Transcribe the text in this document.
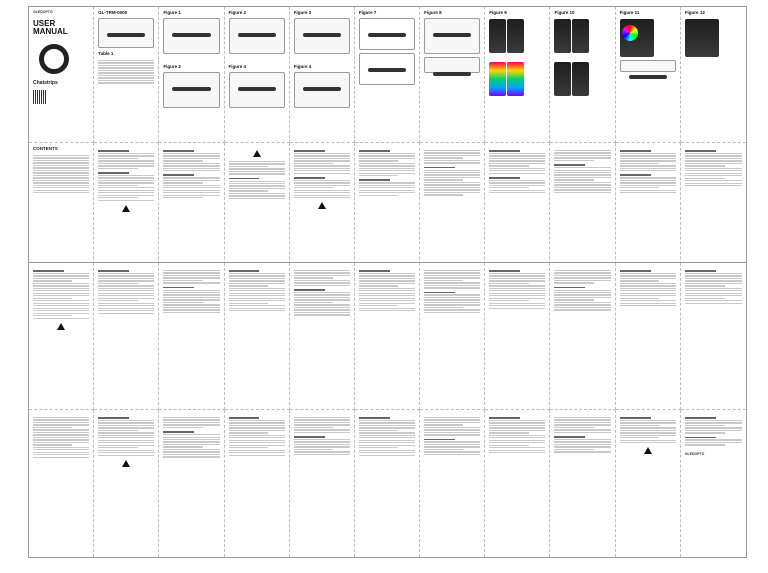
GLEDOPTO
USER
MANUAL
Chatstrips
GL-TRM-0000
Table 1
Figure 1
Figure 2
Figure 2
Figure 4
Figure 3
Figure 4
Figure 7	Figure 8	Figure 9
	Figure 10
	Figure 11	Figure 12
CONTENTS
GLEDOPTO
